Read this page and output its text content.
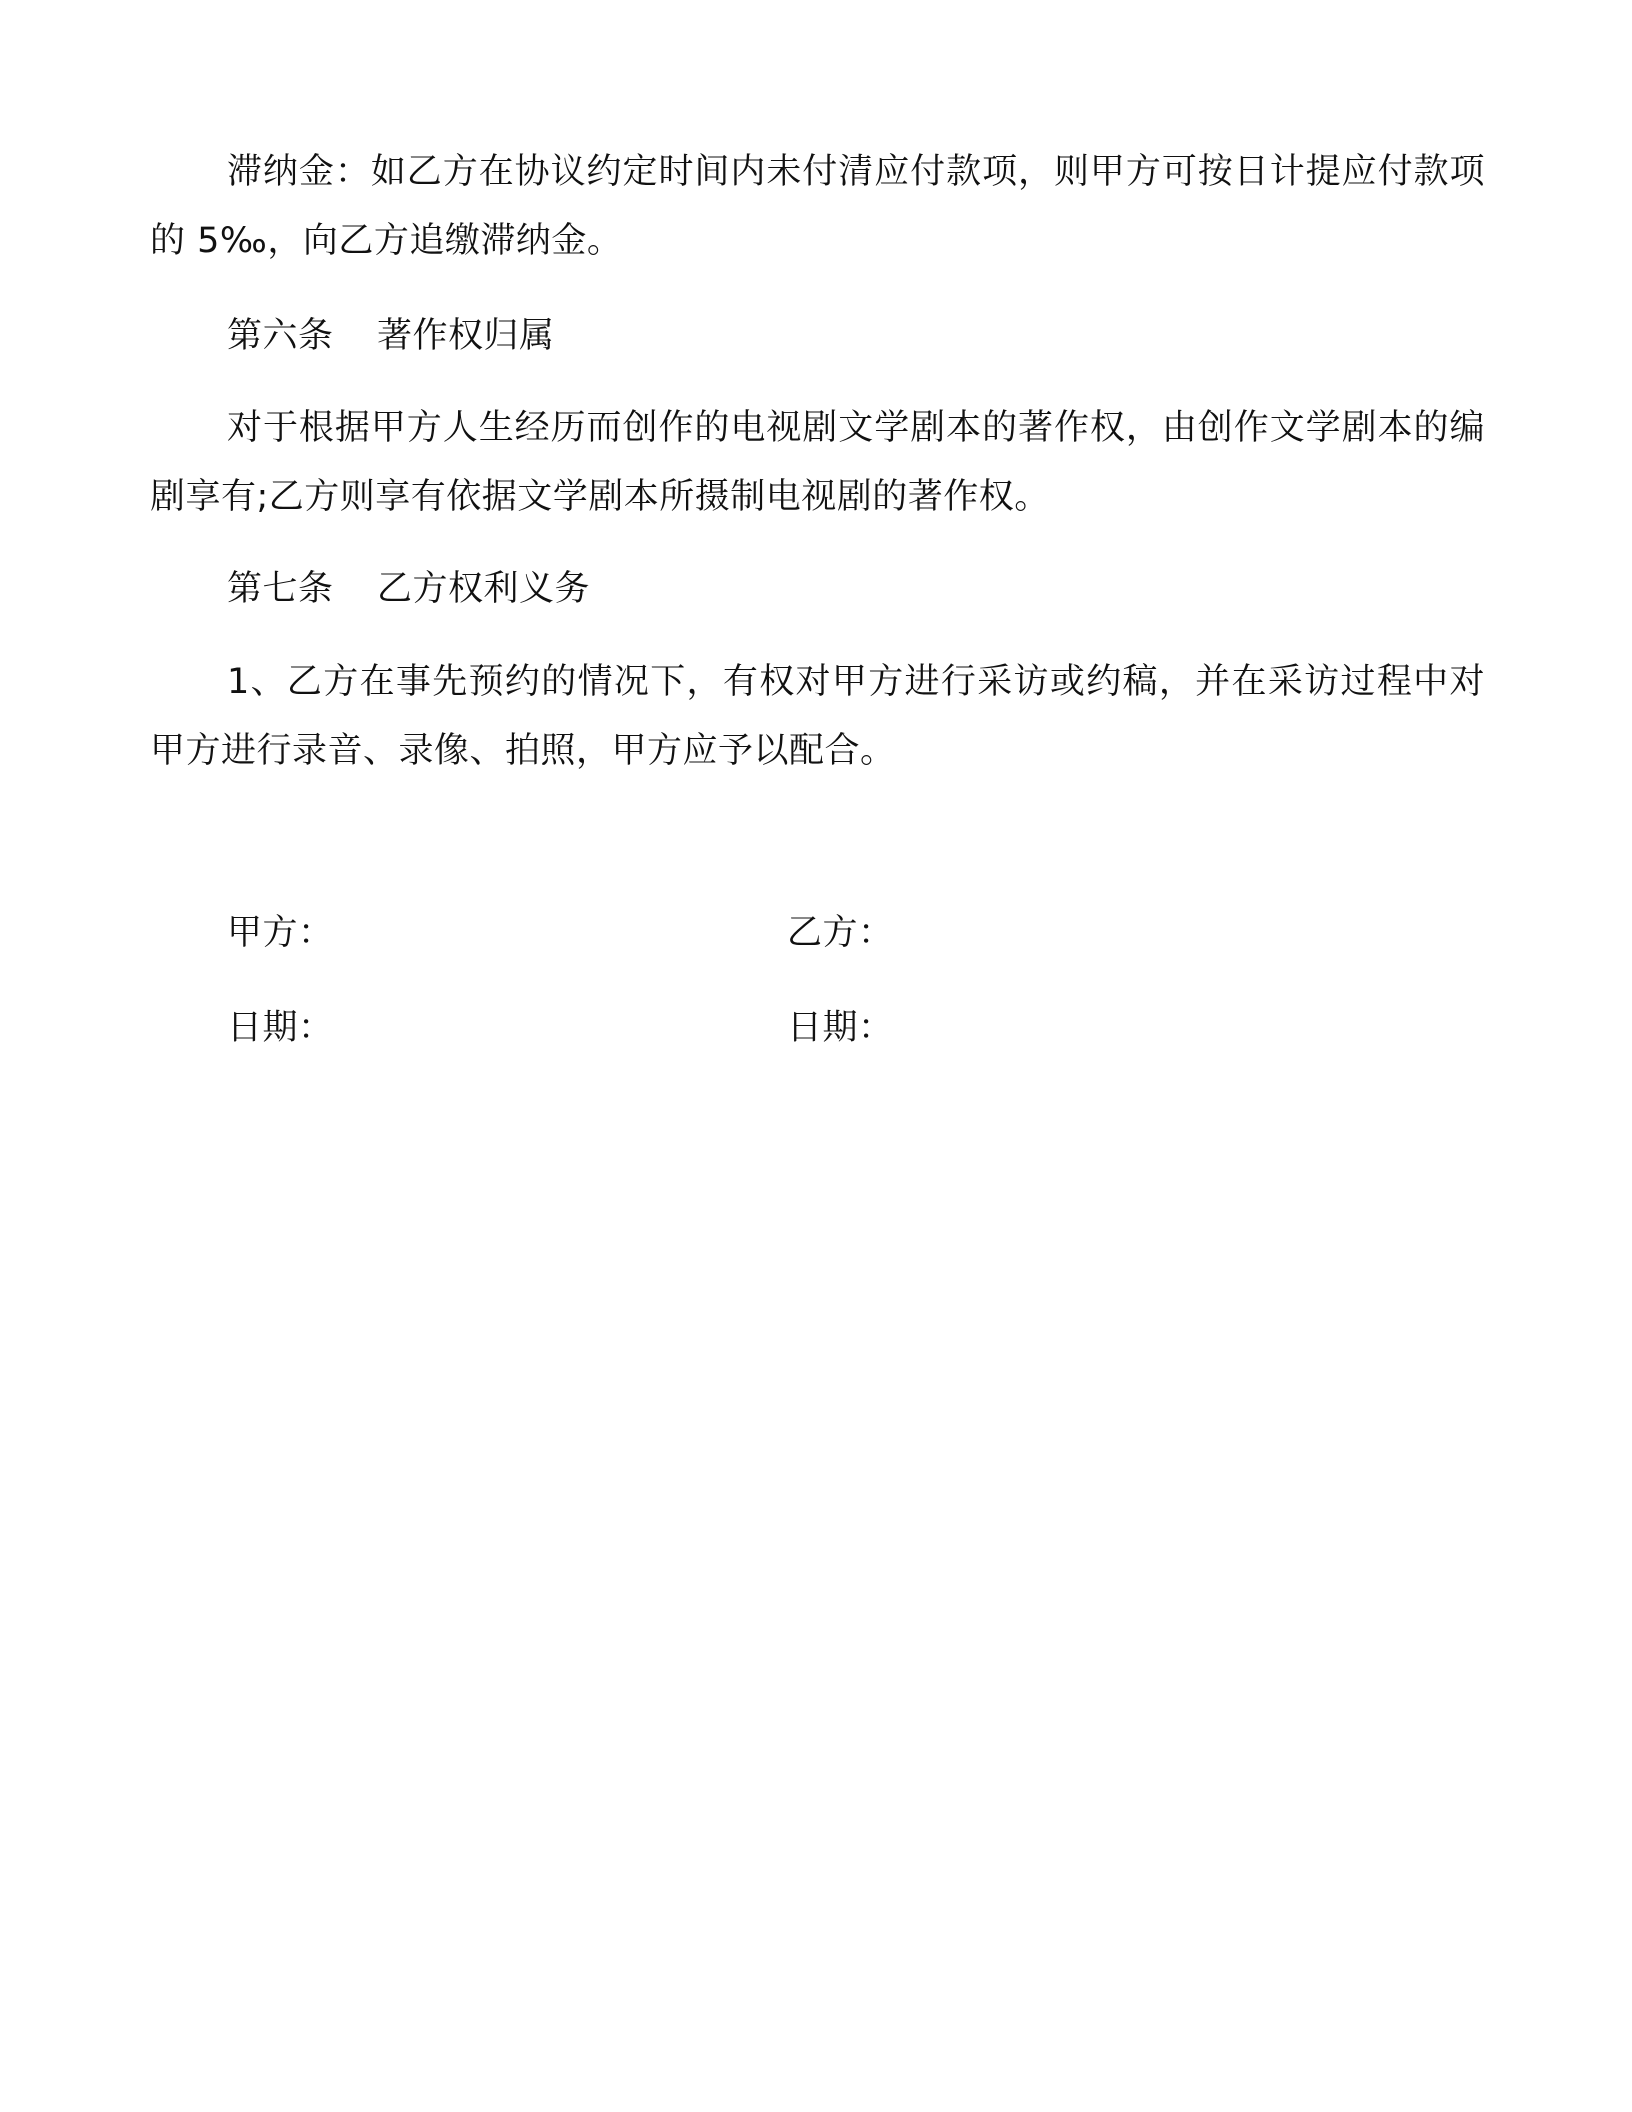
滞纳金：如乙方在协议约定时间内未付清应付款项，则甲方可按日计提应付款项的 5‰，向乙方追缴滞纳金。

第六条 著作权归属

对于根据甲方人生经历而创作的电视剧文学剧本的著作权，由创作文学剧本的编剧享有;乙方则享有依据文学剧本所摄制电视剧的著作权。

第七条 乙方权利义务

1、乙方在事先预约的情况下，有权对甲方进行采访或约稿，并在采访过程中对甲方进行录音、录像、拍照，甲方应予以配合。

甲方：	乙方：

日期：	日期：
